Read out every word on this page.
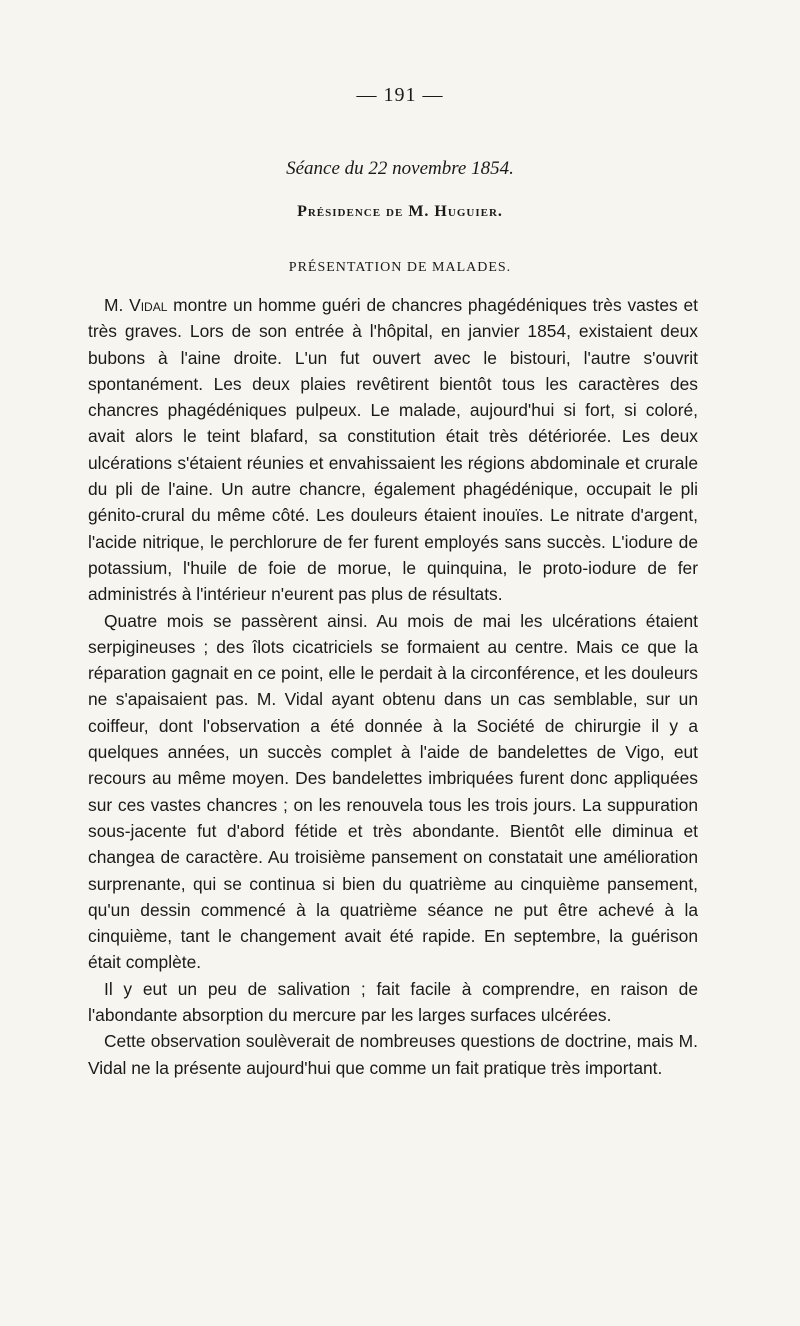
— 191 —
Séance du 22 novembre 1854.
Présidence de M. Huguier.
PRÉSENTATION DE MALADES.

M. Vidal montre un homme guéri de chancres phagédéniques très vastes et très graves. Lors de son entrée à l'hôpital, en janvier 1854, existaient deux bubons à l'aine droite. L'un fut ouvert avec le bistouri, l'autre s'ouvrit spontanément. Les deux plaies revêtirent bientôt tous les caractères des chancres phagédéniques pulpeux. Le malade, aujourd'hui si fort, si coloré, avait alors le teint blafard, sa constitution était très détériorée. Les deux ulcérations s'étaient réunies et envahissaient les régions abdominale et crurale du pli de l'aine. Un autre chancre, également phagédénique, occupait le pli génito-crural du même côté. Les douleurs étaient inouïes. Le nitrate d'argent, l'acide nitrique, le perchlorure de fer furent employés sans succès. L'iodure de potassium, l'huile de foie de morue, le quinquina, le proto-iodure de fer administrés à l'intérieur n'eurent pas plus de résultats.

Quatre mois se passèrent ainsi. Au mois de mai les ulcérations étaient serpigineuses ; des îlots cicatriciels se formaient au centre. Mais ce que la réparation gagnait en ce point, elle le perdait à la circonférence, et les douleurs ne s'apaisaient pas. M. Vidal ayant obtenu dans un cas semblable, sur un coiffeur, dont l'observation a été donnée à la Société de chirurgie il y a quelques années, un succès complet à l'aide de bandelettes de Vigo, eut recours au même moyen. Des bandelettes imbriquées furent donc appliquées sur ces vastes chancres ; on les renouvela tous les trois jours. La suppuration sous-jacente fut d'abord fétide et très abondante. Bientôt elle diminua et changea de caractère. Au troisième pansement on constatait une amélioration surprenante, qui se continua si bien du quatrième au cinquième pansement, qu'un dessin commencé à la quatrième séance ne put être achevé à la cinquième, tant le changement avait été rapide. En septembre, la guérison était complète.

Il y eut un peu de salivation ; fait facile à comprendre, en raison de l'abondante absorption du mercure par les larges surfaces ulcérées.

Cette observation soulèverait de nombreuses questions de doctrine, mais M. Vidal ne la présente aujourd'hui que comme un fait pratique très important.
